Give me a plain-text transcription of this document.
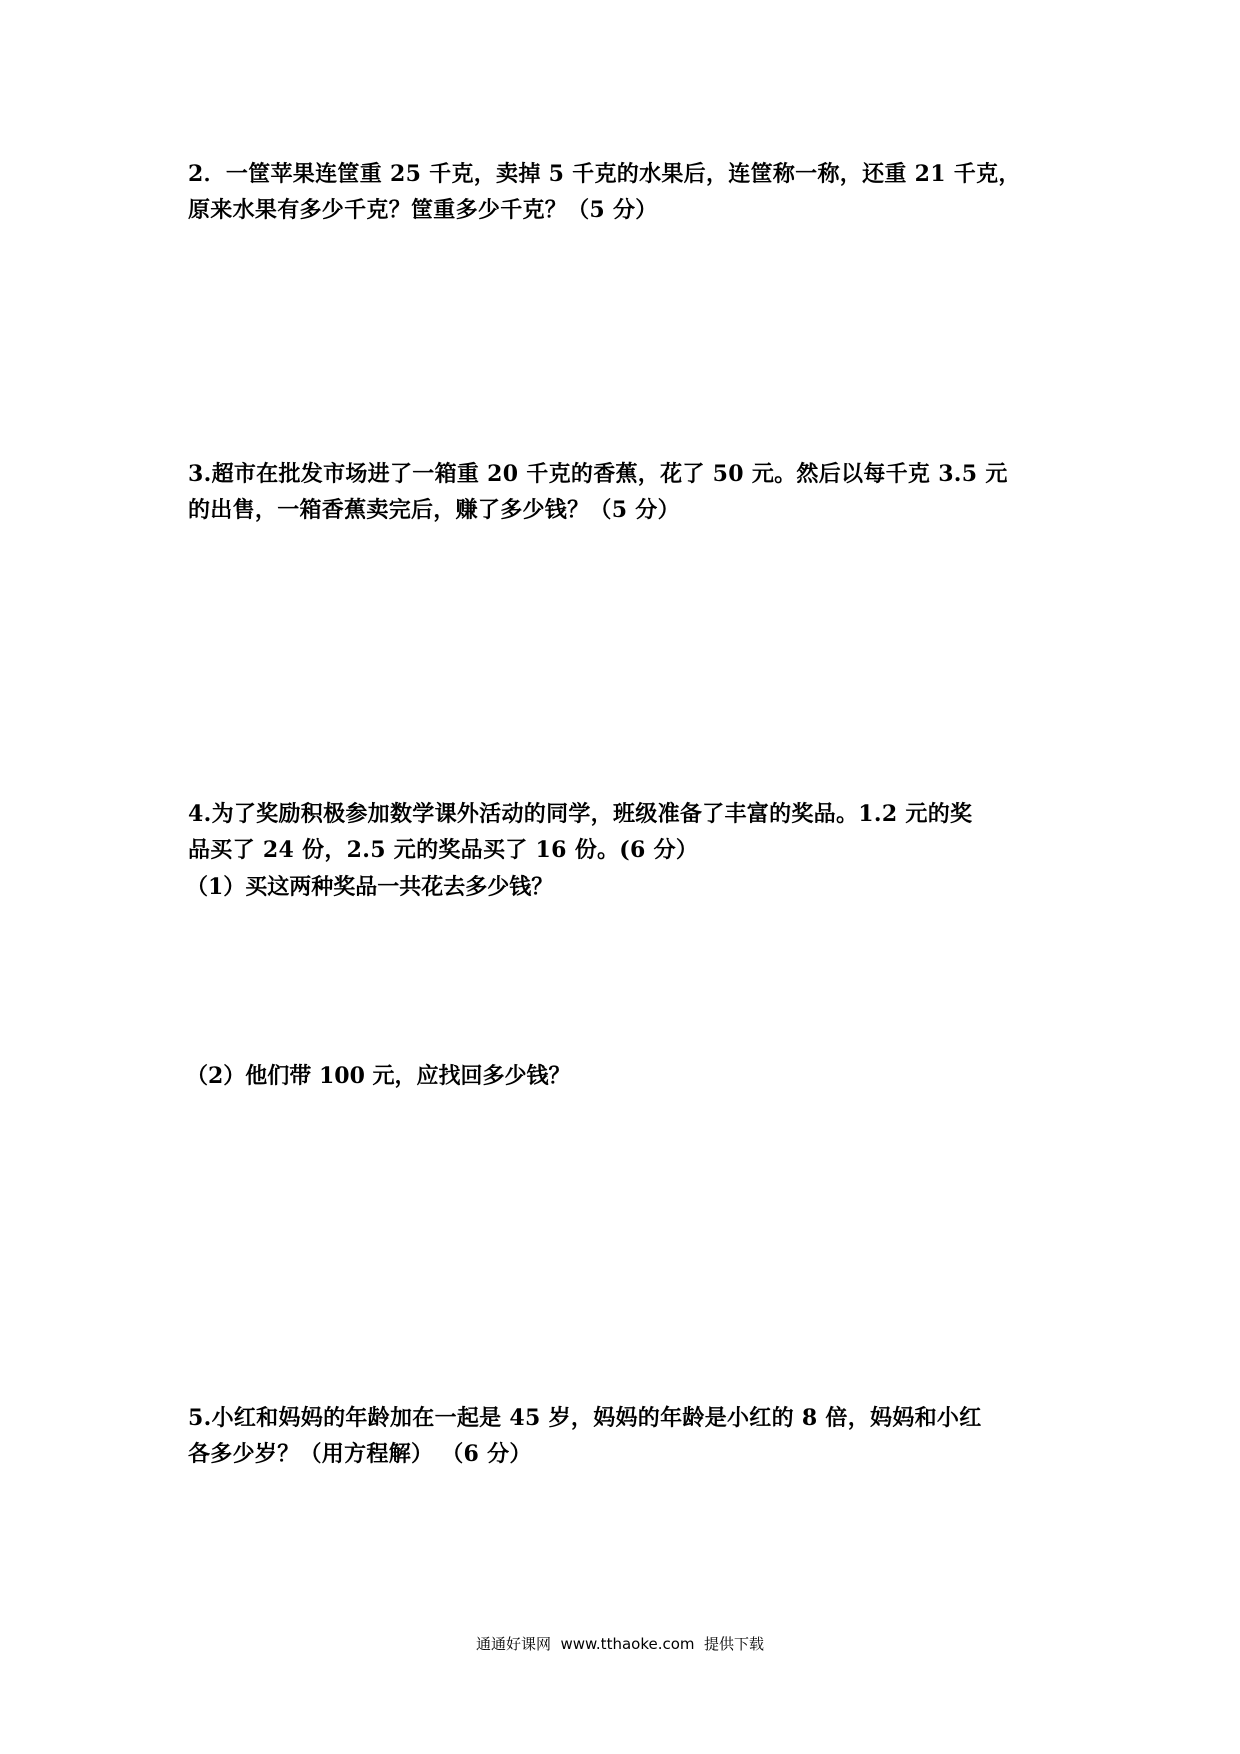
2．一筐苹果连筐重 25 千克，卖掉 5 千克的水果后，连筐称一称，还重 21 千克，

原来水果有多少千克？筐重多少千克？（5 分）

3.超市在批发市场进了一箱重 20 千克的香蕉，花了 50 元。然后以每千克 3.5 元

的出售，一箱香蕉卖完后，赚了多少钱？（5 分）

4.为了奖励积极参加数学课外活动的同学，班级准备了丰富的奖品。1.2 元的奖

品买了 24 份，2.5 元的奖品买了 16 份。(6 分）

（1）买这两种奖品一共花去多少钱？
（2）他们带 100 元，应找回多少钱？

5.小红和妈妈的年龄加在一起是 45 岁，妈妈的年龄是小红的 8 倍，妈妈和小红

各多少岁？（用方程解） （6 分）

通通好课网  www.tthaoke.com  提供下载
